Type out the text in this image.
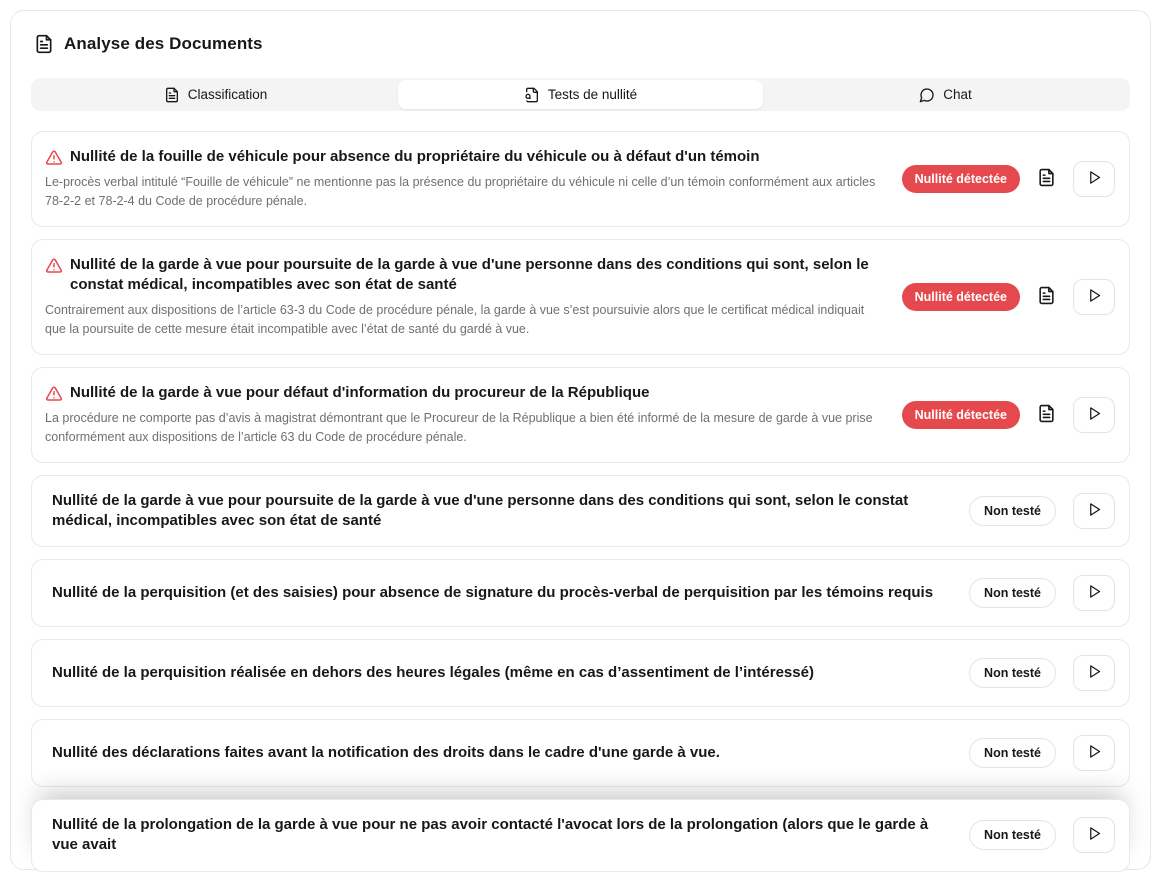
Analyse des Documents
Classification	Tests de nullité	Chat
Nullité de la fouille de véhicule pour absence du propriétaire du véhicule ou à défaut d'un témoin
Le-procès verbal intitulé “Fouille de véhicule” ne mentionne pas la présence du propriétaire du véhicule ni celle d’un témoin conformément aux articles 78-2-2 et 78-2-4 du Code de procédure pénale.
Nullité détectée
Nullité de la garde à vue pour poursuite de la garde à vue d'une personne dans des conditions qui sont, selon le constat médical, incompatibles avec son état de santé
Contrairement aux dispositions de l’article 63-3 du Code de procédure pénale, la garde à vue s’est poursuivie alors que le certificat médical indiquait que la poursuite de cette mesure était incompatible avec l’état de santé du gardé à vue.
Nullité détectée
Nullité de la garde à vue pour défaut d'information du procureur de la République
La procédure ne comporte pas d’avis à magistrat démontrant que le Procureur de la République a bien été informé de la mesure de garde à vue prise conformément aux dispositions de l’article 63 du Code de procédure pénale.
Nullité détectée
Nullité de la garde à vue pour poursuite de la garde à vue d'une personne dans des conditions qui sont, selon le constat médical, incompatibles avec son état de santé
Non testé
Nullité de la perquisition (et des saisies) pour absence de signature du procès-verbal de perquisition par les témoins requis	Non testé
Nullité de la perquisition réalisée en dehors des heures légales (même en cas d’assentiment de l’intéressé)	Non testé
Nullité des déclarations faites avant la notification des droits dans le cadre d'une garde à vue.	Non testé
Nullité de la prolongation de la garde à vue pour ne pas avoir contacté l'avocat lors de la prolongation (alors que le garde à vue avait
Non testé
